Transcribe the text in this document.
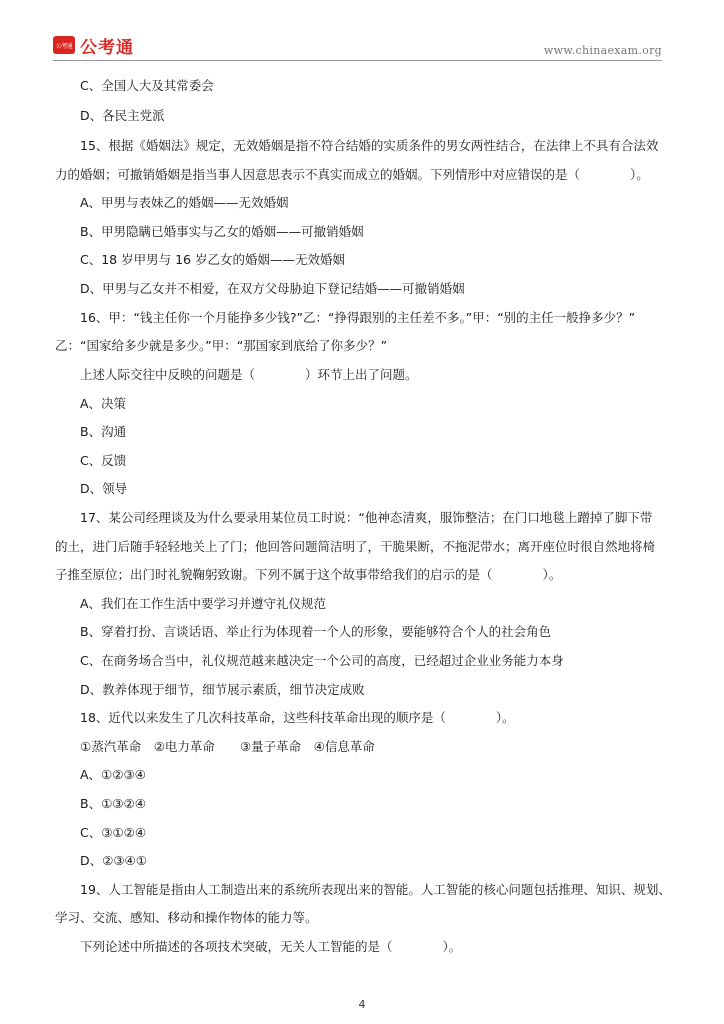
公考通 公考通	www.chinaexam.org
C、全国人大及其常委会
D、各民主党派
15、根据《婚姻法》规定，无效婚姻是指不符合结婚的实质条件的男女两性结合，在法律上不具有合法效
力的婚姻；可撤销婚姻是指当事人因意思表示不真实而成立的婚姻。下列情形中对应错误的是（　　　　）。
A、甲男与表妹乙的婚姻——无效婚姻
B、甲男隐瞒已婚事实与乙女的婚姻——可撤销婚姻
C、18 岁甲男与 16 岁乙女的婚姻——无效婚姻
D、甲男与乙女并不相爱，在双方父母胁迫下登记结婚——可撤销婚姻
16、甲：“钱主任你一个月能挣多少钱?”乙：“挣得跟别的主任差不多。”甲：“别的主任一般挣多少？”
乙：“国家给多少就是多少。”甲：“那国家到底给了你多少？”
上述人际交往中反映的问题是（　　　　）环节上出了问题。
A、决策
B、沟通
C、反馈
D、领导
17、某公司经理谈及为什么要录用某位员工时说：“他神态清爽，服饰整洁；在门口地毯上蹭掉了脚下带
的土，进门后随手轻轻地关上了门；他回答问题简洁明了，干脆果断，不拖泥带水；离开座位时很自然地将椅
子推至原位；出门时礼貌鞠躬致谢。下列不属于这个故事带给我们的启示的是（　　　　）。
A、我们在工作生活中要学习并遵守礼仪规范
B、穿着打扮、言谈话语、举止行为体现着一个人的形象，要能够符合个人的社会角色
C、在商务场合当中，礼仪规范越来越决定一个公司的高度，已经超过企业业务能力本身
D、教养体现于细节，细节展示素质，细节决定成败
18、近代以来发生了几次科技革命，这些科技革命出现的顺序是（　　　　）。
①蒸汽革命　②电力革命　　③量子革命　④信息革命
A、①②③④
B、①③②④
C、③①②④
D、②③④①
19、人工智能是指由人工制造出来的系统所表现出来的智能。人工智能的核心问题包括推理、知识、规划、
学习、交流、感知、移动和操作物体的能力等。
下列论述中所描述的各项技术突破，无关人工智能的是（　　　　）。
4
